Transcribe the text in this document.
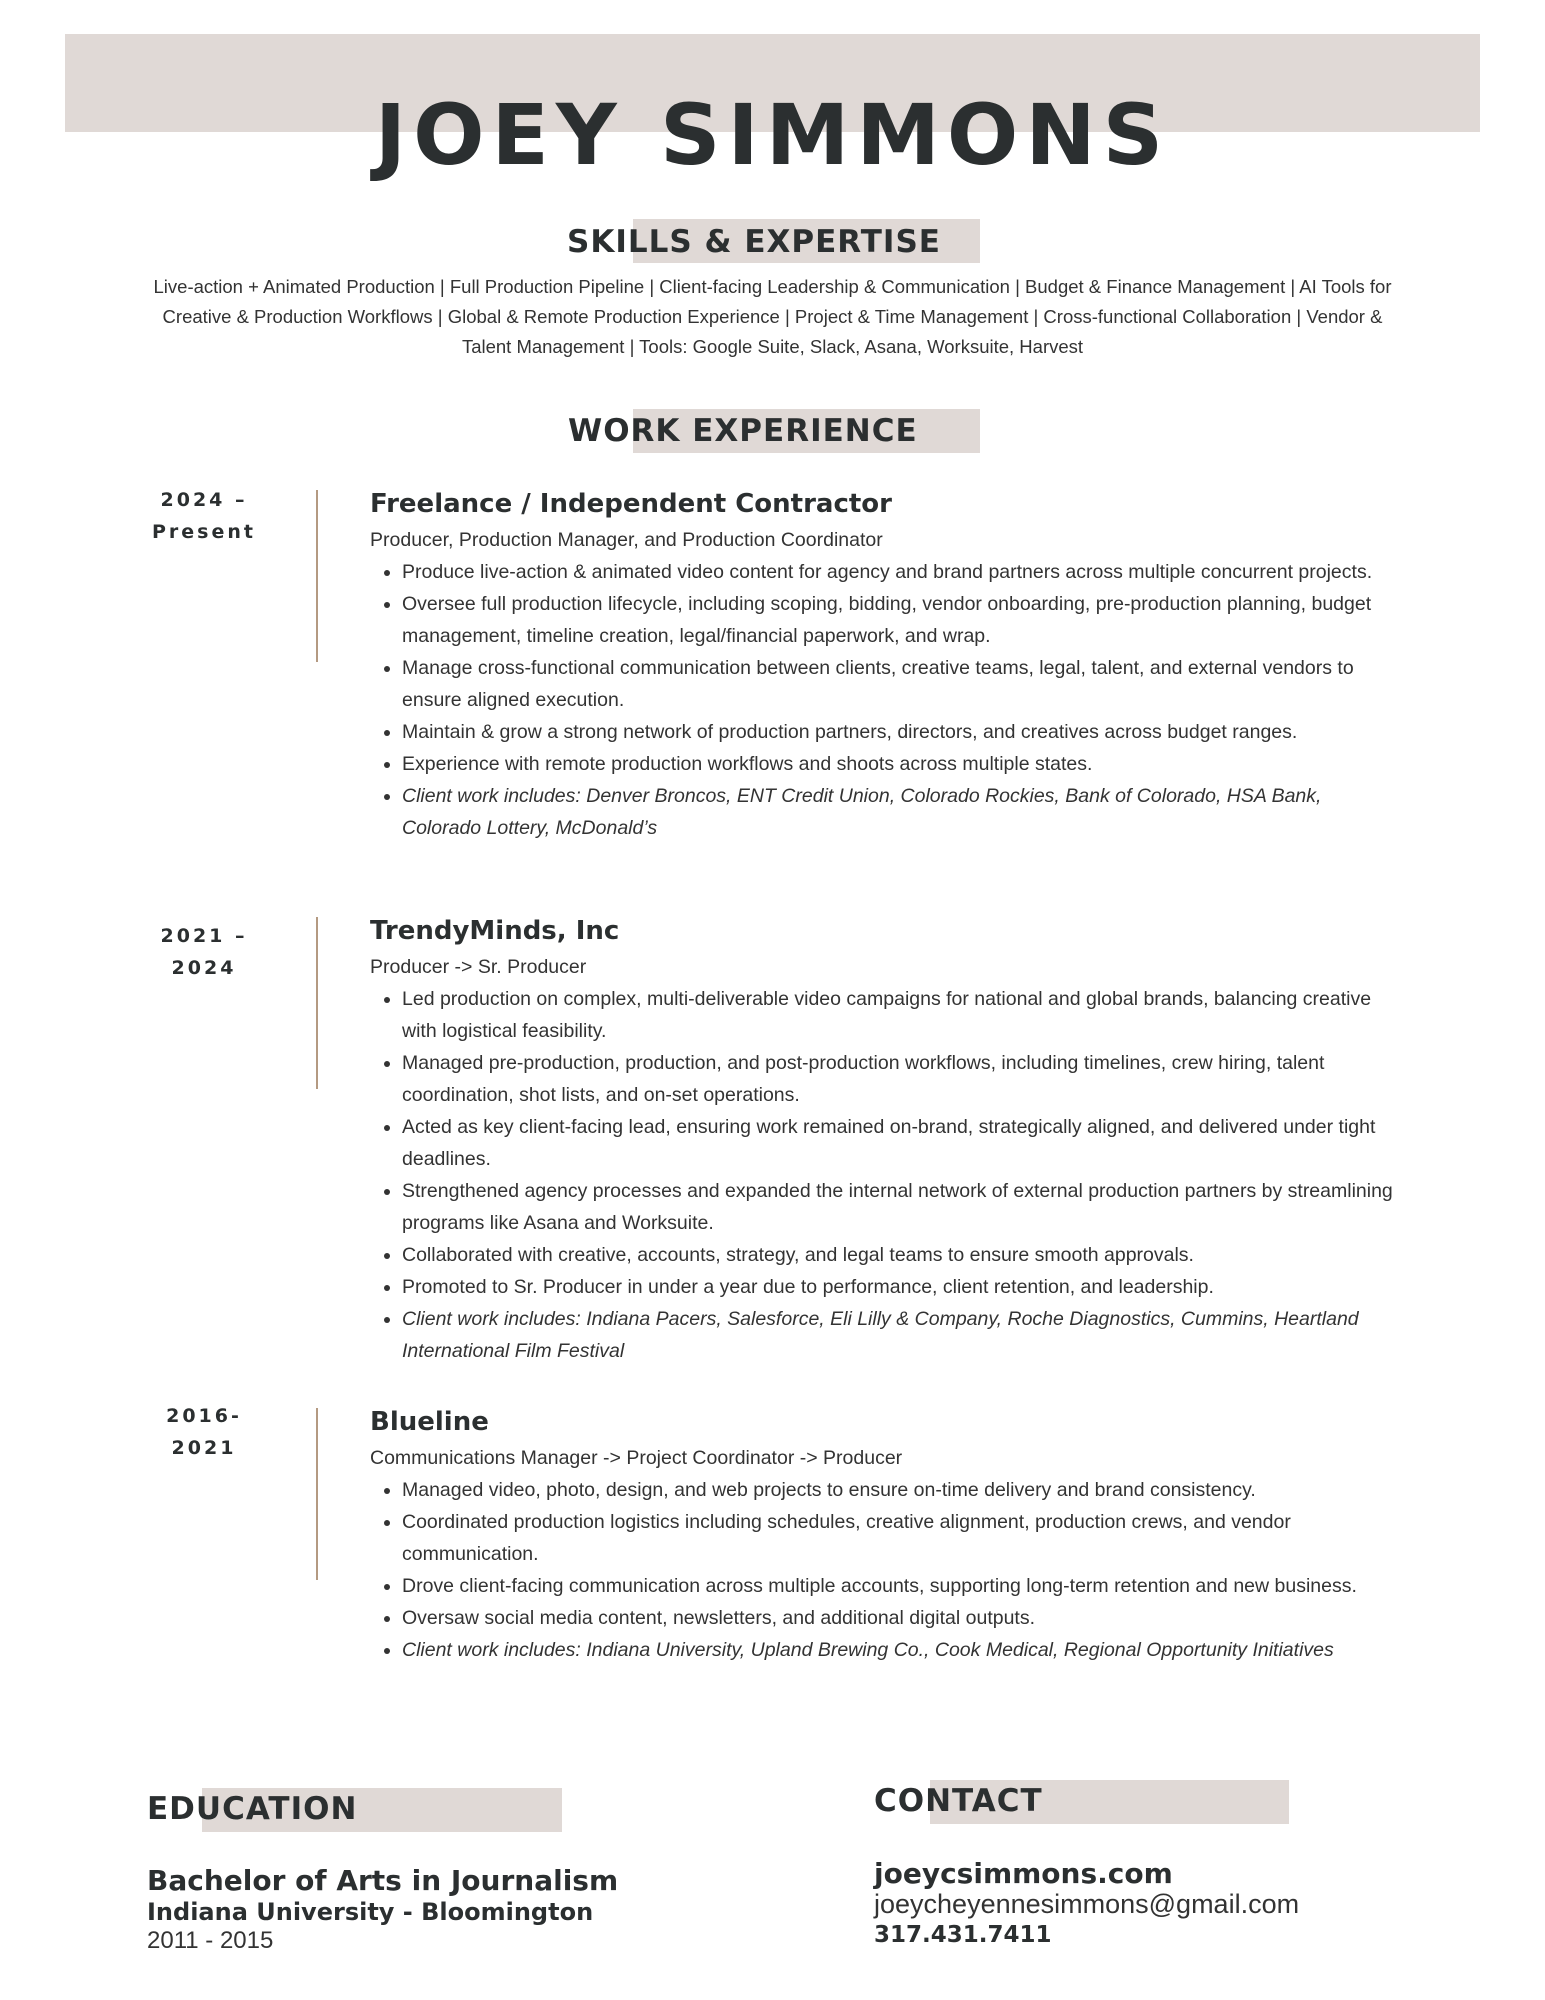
JOEY SIMMONS
SKILLS & EXPERTISE
Live-action + Animated Production | Full Production Pipeline | Client-facing Leadership & Communication | Budget & Finance Management | AI Tools for Creative & Production Workflows | Global & Remote Production Experience | Project & Time Management | Cross-functional Collaboration | Vendor & Talent Management | Tools: Google Suite, Slack, Asana, Worksuite, Harvest
WORK EXPERIENCE
2024 –
Present
Freelance / Independent Contractor
Producer, Production Manager, and Production Coordinator
• Produce live-action & animated video content for agency and brand partners across multiple concurrent projects.
• Oversee full production lifecycle, including scoping, bidding, vendor onboarding, pre-production planning, budget management, timeline creation, legal/financial paperwork, and wrap.
• Manage cross-functional communication between clients, creative teams, legal, talent, and external vendors to ensure aligned execution.
• Maintain & grow a strong network of production partners, directors, and creatives across budget ranges.
• Experience with remote production workflows and shoots across multiple states.
• Client work includes: Denver Broncos, ENT Credit Union, Colorado Rockies, Bank of Colorado, HSA Bank, Colorado Lottery, McDonald’s
2021 –
2024
TrendyMinds, Inc
Producer -> Sr. Producer
• Led production on complex, multi-deliverable video campaigns for national and global brands, balancing creative with logistical feasibility.
• Managed pre-production, production, and post-production workflows, including timelines, crew hiring, talent coordination, shot lists, and on-set operations.
• Acted as key client-facing lead, ensuring work remained on-brand, strategically aligned, and delivered under tight deadlines.
• Strengthened agency processes and expanded the internal network of external production partners by streamlining programs like Asana and Worksuite.
• Collaborated with creative, accounts, strategy, and legal teams to ensure smooth approvals.
• Promoted to Sr. Producer in under a year due to performance, client retention, and leadership.
• Client work includes: Indiana Pacers, Salesforce, Eli Lilly & Company, Roche Diagnostics, Cummins, Heartland International Film Festival
2016-
2021
Blueline
Communications Manager -> Project Coordinator -> Producer
• Managed video, photo, design, and web projects to ensure on-time delivery and brand consistency.
• Coordinated production logistics including schedules, creative alignment, production crews, and vendor communication.
• Drove client-facing communication across multiple accounts, supporting long-term retention and new business.
• Oversaw social media content, newsletters, and additional digital outputs.
• Client work includes: Indiana University, Upland Brewing Co., Cook Medical, Regional Opportunity Initiatives
EDUCATION
Bachelor of Arts in Journalism
Indiana University - Bloomington
2011 - 2015
CONTACT
joeycsimmons.com
joeycheyennesimmons@gmail.com
317.431.7411
